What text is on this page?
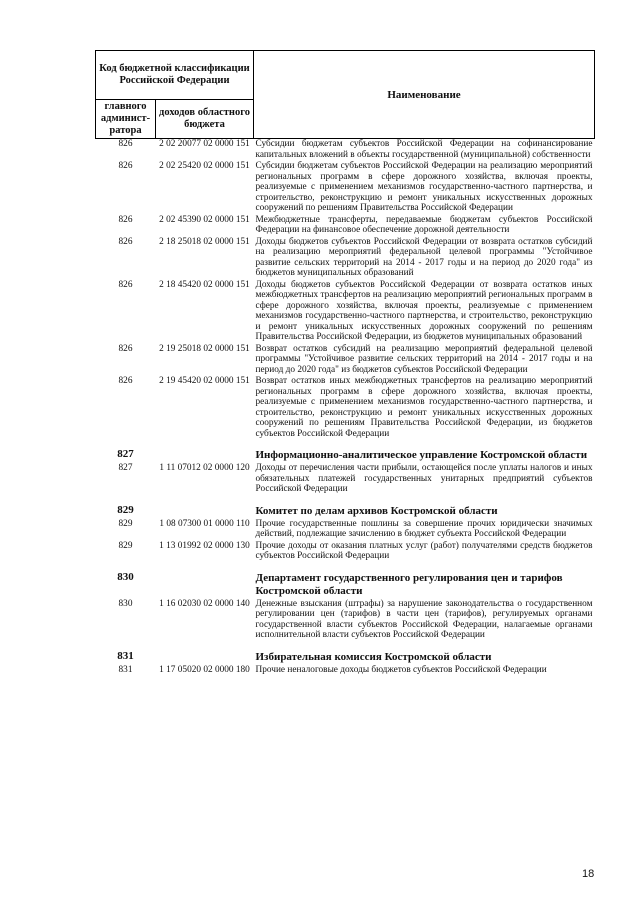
Код бюджетной классификации Российской Федерации		Наименование
главного админист-ратора	доходов областного бюджета	
826	2 02 20077 02 0000 151	Субсидии бюджетам субъектов Российской Федерации на софинансирование капитальных вложений в объекты государственной (муниципальной) собственности
826	2 02 25420 02 0000 151	Субсидии бюджетам субъектов Российской Федерации на реализацию мероприятий региональных программ в сфере дорожного хозяйства, включая проекты, реализуемые с применением механизмов государственно-частного партнерства, и строительство, реконструкцию и ремонт уникальных искусственных дорожных сооружений по решениям Правительства Российской Федерации
826	2 02 45390 02 0000 151	Межбюджетные трансферты, передаваемые бюджетам субъектов Российской Федерации на финансовое обеспечение дорожной деятельности
826	2 18 25018 02 0000 151	Доходы бюджетов субъектов Российской Федерации от возврата остатков субсидий на реализацию мероприятий федеральной целевой программы "Устойчивое развитие сельских территорий на 2014 - 2017 годы и на период до 2020 года" из бюджетов муниципальных образований
826	2 18 45420 02 0000 151	Доходы бюджетов субъектов Российской Федерации от возврата остатков иных межбюджетных трансфертов на реализацию мероприятий региональных программ в сфере дорожного хозяйства, включая проекты, реализуемые с применением механизмов государственно-частного партнерства, и строительство, реконструкцию и ремонт уникальных искусственных дорожных сооружений по решениям Правительства Российской Федерации, из бюджетов муниципальных образований
826	2 19 25018 02 0000 151	Возврат остатков субсидий на реализацию мероприятий федеральной целевой программы "Устойчивое развитие сельских территорий на 2014 - 2017 годы и на период до 2020 года" из бюджетов субъектов Российской Федерации
826	2 19 45420 02 0000 151	Возврат остатков иных межбюджетных трансфертов на реализацию мероприятий региональных программ в сфере дорожного хозяйства, включая проекты, реализуемые с применением механизмов государственно-частного партнерства, и строительство, реконструкцию и ремонт уникальных искусственных дорожных сооружений по решениям Правительства Российской Федерации, из бюджетов субъектов Российской Федерации
827		Информационно-аналитическое управление Костромской области
827	1 11 07012 02 0000 120	Доходы от перечисления части прибыли, остающейся после уплаты налогов и иных обязательных платежей государственных унитарных предприятий субъектов Российской Федерации
829		Комитет по делам архивов Костромской области
829	1 08 07300 01 0000 110	Прочие государственные пошлины за совершение прочих юридически значимых действий, подлежащие зачислению в бюджет субъекта Российской Федерации
829	1 13 01992 02 0000 130	Прочие доходы от оказания платных услуг (работ) получателями средств бюджетов субъектов Российской Федерации
830		Департамент государственного регулирования цен и тарифов Костромской области
830	1 16 02030 02 0000 140	Денежные взыскания (штрафы) за нарушение законодательства о государственном регулировании цен (тарифов) в части цен (тарифов), регулируемых органами государственной власти субъектов Российской Федерации, налагаемые органами исполнительной власти субъектов Российской Федерации
831		Избирательная комиссия Костромской области
831	1 17 05020 02 0000 180	Прочие неналоговые доходы бюджетов субъектов Российской Федерации
18
